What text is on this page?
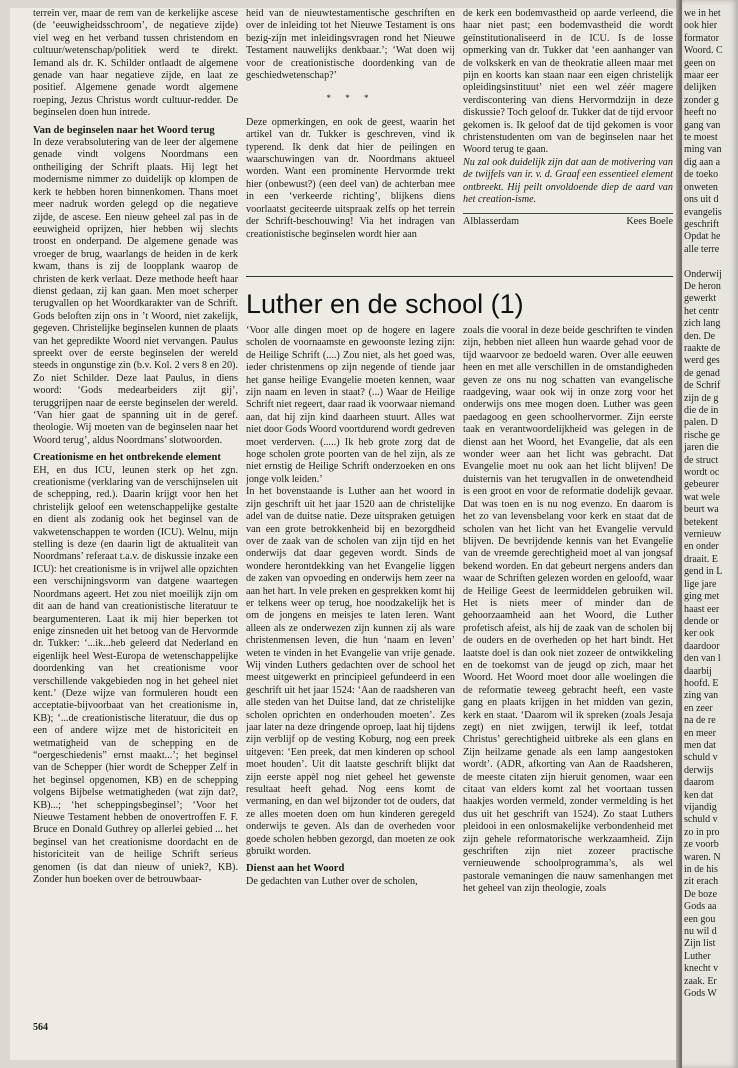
we in het
ook hier
formator
Woord. C
geen on
maar eer
delijken
zonder g
heeft no
gang van
te moest
ming van
dig aan a
de toeko
onweten
ons uit d
evangelis
geschrift
Opdat he
alle terre

Onderwij
De heron
gewerkt
het centr
zich lang
den. De
raakte de
werd ges
de genad
de Schrif
zijn de g
die de in
palen. D
rische ge
jaren die
de struct
wordt oc
gebeurer
wat wele
beurt wa
betekent
vernieuw
en onder
draait. E
gend in L
lige jare
ging met
haast eer
dende or
ker ook
daardoor
den van l
daarbij
hoofd. E
zing van
en zeer
na de re
en meer
men dat
schuld v
derwijs
daarom
ken dat
vijandig
schuld v
zo in pro
ze voorb
waren. N
in de his
zit erach
De boze
Gods aa
een gou
nu wil d
Zijn list
Luther
knecht v
zaak. Er
Gods W

terrein ver, maar de rem van de kerkelijke ascese (de ‘eeuwigheidsschroom’, de negatieve zijde) viel weg en het verband tussen christendom en cultuur/wetenschap/politiek werd te direkt. Iemand als dr. K. Schilder ontlaadt de algemene genade van haar negatieve zijde, en laat ze positief. Algemene genade wordt algemene roeping, Jezus Christus wordt cultuur-redder. De beginselen doen hun intrede.

Van de beginselen naar het Woord terug

In deze verabsolutering van de leer der algemene genade vindt volgens Noordmans een ontheiliging der Schrift plaats. Hij legt het modernisme nimmer zo duidelijk op klompen de kerk te hebben horen binnenkomen. Thans moet meer nadruk worden gelegd op die negatieve zijde, de ascese. Een nieuw geheel zal pas in de eeuwigheid oprijzen, hier hebben wij slechts troost en onderpand. De algemene genade was vroeger de brug, waarlangs de heiden in de kerk kwam, thans is zij de loopplank waarop de christen de kerk verlaat. Deze methode heeft haar dienst gedaan, zij kan gaan. Men moet scherper terugvallen op het Woordkarakter van de Schrift. Gods beloften zijn ons in ’t Woord, niet zakelijk, gegeven. Christelijke beginselen kunnen de plaats van het gepredikte Woord niet vervangen. Paulus spreekt over de eerste beginselen der wereld steeds in ongunstige zin (b.v. Kol. 2 vers 8 en 20). Zo niet Schilder. Deze laat Paulus, in diens woord: ‘Gods medearbeiders zijt gij’, teruggrijpen naar de eerste beginselen der wereld. ‘Van hier gaat de spanning uit in de geref. theologie. Wij moeten van de beginselen naar het Woord terug’, aldus Noordmans’ slotwoorden.

Creationisme en het ontbrekende element

EH, en dus ICU, leunen sterk op het zgn. creationisme (verklaring van de verschijnselen uit de schepping, red.). Daarin krijgt voor hen het christelijk geloof een wetenschappelijke gestalte en dient als zodanig ook het beginsel van de vakwetenschappen te worden (ICU). Welnu, mijn stelling is deze (en daarin ligt de aktualiteit van Noordmans’ referaat t.a.v. de diskussie inzake een ICU): het creationisme is in vrijwel alle opzichten een verschijningsvorm van datgene waartegen Noordmans ageert. Het zou niet moeilijk zijn om dit aan de hand van creationistische literatuur te beargumenteren. Laat ik mij hier beperken tot enige zinsneden uit het betoog van de Hervormde dr. Tukker: ‘...ik...heb geleerd dat Nederland en eigenlijk heel West-Europa de wetenschappelijke doordenking van het creationisme voor verschillende vakgebieden nog in het geheel niet kent.’ (Deze wijze van formuleren houdt een acceptatie-bijvoorbaat van het creationisme in, KB); ‘...de creationistische literatuur, die dus op een of andere wijze met de historiciteit en wetmatigheid van de schepping en de “oergeschiedenis” ernst maakt...’; het beginsel van de Schepper (hier wordt de Schepper Zelf in het beginsel opgenomen, KB) en de schepping volgens Bijbelse wetmatigheden (wat zijn dat?, KB)...; ‘het scheppingsbeginsel’; ‘Voor het Nieuwe Testament hebben de onovertroffen F. F. Bruce en Donald Guthrey op allerlei gebied ... het beginsel van het creationisme doordacht en de historiciteit van de heilige Schrift serieus genomen (is dat dan nieuw of uniek?, KB). Zonder hun boeken over de betrouwbaar-

heid van de nieuwtestamentische geschriften en over de inleiding tot het Nieuwe Testament is ons bezig-zijn met inleidingsvragen rond het Nieuwe Testament nauwelijks denkbaar.’; ‘Wat doen wij voor de creationistische doordenking van de geschiedwetenschap?’

* * *

Deze opmerkingen, en ook de geest, waarin het artikel van dr. Tukker is geschreven, vind ik typerend. Ik denk dat hier de peilingen en waarschuwingen van dr. Noordmans aktueel worden. Want een prominente Hervormde trekt hier (onbewust?) (een deel van) de achterban mee in een ‘verkeerde richting’, blijkens diens voorlaatst geciteerde uitspraak zelfs op het terrein der Schrift-beschouwing! Via het indragen van creationistische beginselen wordt hier aan

de kerk een bodemvastheid op aarde verleend, die haar niet past; een bodemvastheid die wordt geïnstitutionaliseerd in de ICU. Is de losse opmerking van dr. Tukker dat ‘een aanhanger van de volkskerk en van de theokratie alleen maar met pijn en koorts kan staan naar een eigen christelijk opleidingsinstituut’ niet een wel zéér magere verdiscontering van diens Hervormdzijn in deze diskussie? Toch geloof dr. Tukker dat de tijd ervoor gekomen is. Ik geloof dat de tijd gekomen is voor christenstudenten om van de beginselen naar het Woord terug te gaan.

Nu zal ook duidelijk zijn dat aan de motivering van de twijfels van ir. v. d. Graaf een essentieel element ontbreekt. Hij peilt onvoldoende diep de aard van het creation-isme.

Alblasserdam	Kees Boele
Luther en de school (1)

‘Voor alle dingen moet op de hogere en lagere scholen de voornaamste en gewoonste lezing zijn: de Heilige Schrift (....) Zou niet, als het goed was, ieder christenmens op zijn negende of tiende jaar het ganse heilige Evangelie moeten kennen, waar zijn naam en leven in staat? (...) Waar de Heilige Schrift niet regeert, daar raad ik voorwaar niemand aan, dat hij zijn kind daarheen stuurt. Alles wat niet door Gods Woord voortdurend wordt gedreven moet verderven. (.....) Ik heb grote zorg dat de hoge scholen grote poorten van de hel zijn, als ze niet ernstig de Heilige Schrift onderzoeken en ons jonge volk leiden.’

In het bovenstaande is Luther aan het woord in zijn geschrift uit het jaar 1520 aan de christelijke adel van de duitse natie. Deze uitspraken getuigen van een grote betrokkenheid bij en bezorgdheid over de zaak van de scholen van zijn tijd en het onderwijs dat daar gegeven wordt. Sinds de wondere herontdekking van het Evangelie liggen de zaken van opvoeding en onderwijs hem zeer na aan het hart. In vele preken en gesprekken komt hij er telkens weer op terug, hoe noodzakelijk het is om de jongens en meisjes te laten leren. Want alleen als ze onderwezen zijn kunnen zij als ware christenmensen leven, die hun ‘naam en leven’ weten te vinden in het Evangelie van vrije genade. Wij vinden Luthers gedachten over de school het meest uitgewerkt en principieel gefundeerd in een geschrift uit het jaar 1524: ‘Aan de raadsheren van alle steden van het Duitse land, dat ze christelijke scholen oprichten en onderhouden moeten’. Zes jaar later na deze dringende oproep, laat hij tijdens zijn verblijf op de vesting Koburg, nog een preek uitgeven: ‘Een preek, dat men kinderen op school moet houden’. Uit dit laatste geschrift blijkt dat zijn eerste appèl nog niet geheel het gewenste resultaat heeft gehad. Nog eens komt de vermaning, en dan wel bijzonder tot de ouders, dat ze alles moeten doen om hun kinderen geregeld onderwijs te geven. Als dan de overheden voor goede scholen hebben gezorgd, dan moeten ze ook gbruikt worden.

Dienst aan het Woord

De gedachten van Luther over de scholen,

zoals die vooral in deze beide geschriften te vinden zijn, hebben niet alleen hun waarde gehad voor de tijd waarvoor ze bedoeld waren. Over alle eeuwen heen en met alle verschillen in de omstandigheden geven ze ons nu nog schatten van evangelische raadgeving, waar ook wij in onze zorg voor het onderwijs ons mee mogen doen. Luther was geen paedagoog en geen schoolhervormer. Zijn eerste taak en verantwoordelijkheid was gelegen in de dienst aan het Woord, het Evangelie, dat als een wonder weer aan het licht was gebracht. Dat Evangelie moet nu ook aan het licht blijven! De duisternis van het terugvallen in de onwetendheid is een groot en voor de reformatie dodelijk gevaar. Dat was toen en is nu nog evenzo. En daarom is het zo van levensbelang voor kerk en staat dat de scholen van het licht van het Evangelie vervuld blijven. De bevrijdende kennis van het Evangelie van de vreemde gerechtigheid moet al van jongsaf bekend worden. En dat gebeurt nergens anders dan waar de Schriften gelezen worden en geloofd, waar de Heilige Geest de leermiddelen gebruiken wil. Het is niets meer of minder dan de gehoorzaamheid aan het Woord, die Luther profetisch afeist, als hij de zaak van de scholen bij de ouders en de overheden op het hart bindt. Het laatste doel is dan ook niet zozeer de ontwikkeling en de toekomst van de jeugd op zich, maar het Woord. Het Woord moet door alle woelingen die de reformatie teweeg gebracht heeft, een vaste gang en plaats krijgen in het midden van gezin, kerk en staat. ‘Daarom wil ik spreken (zoals Jesaja zegt) en niet zwijgen, terwijl ik leef, totdat Christus’ gerechtigheid uitbreke als een glans en Zijn heilzame genade als een lamp aangestoken wordt’. (ADR, afkorting van Aan de Raadsheren, de meeste citaten zijn hieruit genomen, waar een citaat van elders komt zal het voortaan tussen haakjes worden vermeld, zonder vermelding is het dus uit het geschrift van 1524). Zo staat Luthers pleidooi in een onlosmakelijke verbondenheid met zijn gehele reformatorische werkzaamheid. Zijn geschriften zijn niet zozeer practische vernieuwende schoolprogramma’s, als wel pastorale vemaningen die nauw samenhangen met het geheel van zijn theologie, zoals

564
